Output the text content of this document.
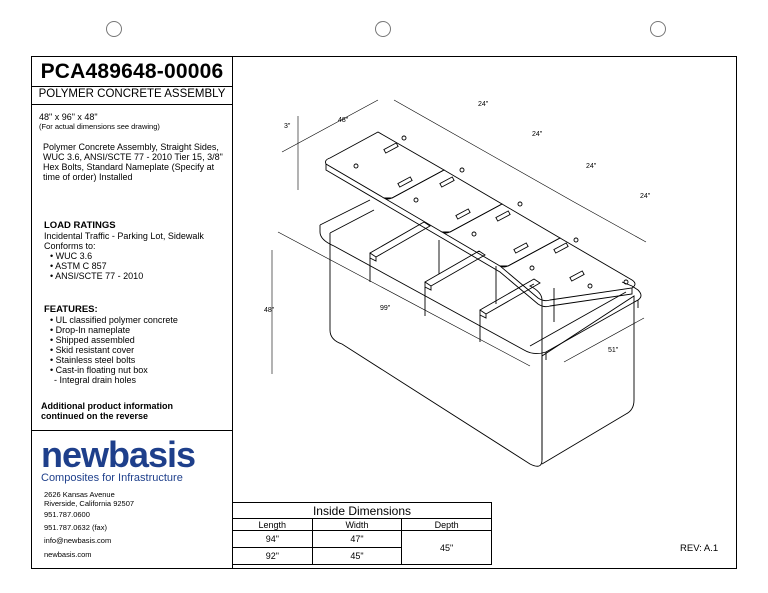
PCA489648-00006
POLYMER CONCRETE ASSEMBLY
48" x 96" x 48"
(For actual dimensions see drawing)
Polymer Concrete Assembly, Straight Sides, WUC 3.6, ANSI/SCTE 77 - 2010 Tier 15, 3/8" Hex Bolts, Standard Nameplate (Specify at time of order) Installed
LOAD RATINGS
Incidental Traffic - Parking Lot, Sidewalk
Conforms to:
• WUC 3.6
• ASTM C 857
• ANSI/SCTE 77 - 2010
FEATURES:
• UL classified polymer concrete
• Drop-In nameplate
• Shipped assembled
• Skid resistant cover
• Stainless steel bolts
• Cast-in floating nut box
- Integral drain holes
Additional product information
continued on the reverse
newbasis
Composites for Infrastructure
2626 Kansas Avenue
Riverside, California 92507
951.787.0600
951.787.0632 (fax)
info@newbasis.com
newbasis.com
48"
3"
24"
24"
24"
24"
48"	99"
51"
Inside Dimensions		
Length	Width	Depth
94"	47"	45"
92"	45"	
REV: A.1
